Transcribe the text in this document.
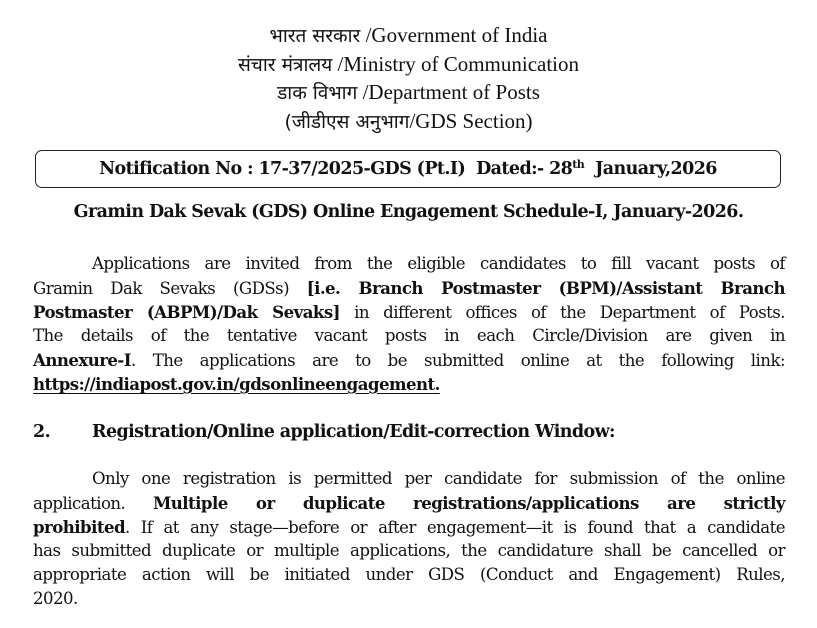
भारत सरकार /Government of India
संचार मंत्रालय /Ministry of Communication
डाक विभाग /Department of Posts
(जीडीएस अनुभाग/GDS Section)
Notification No : 17-37/2025-GDS (Pt.I)  Dated:- 28th  January,2026
Gramin Dak Sevak (GDS) Online Engagement Schedule-I, January-2026.
Applications are invited from the eligible candidates to fill vacant posts of
Gramin Dak Sevaks (GDSs) [i.e. Branch Postmaster (BPM)/Assistant Branch
Postmaster (ABPM)/Dak Sevaks] in different offices of the Department of Posts.
The details of the tentative vacant posts in each Circle/Division are given in
Annexure-I. The applications are to be submitted online at the following link:
https://indiapost.gov.in/gdsonlineengagement.
2. Registration/Online application/Edit-correction Window:
Only one registration is permitted per candidate for submission of the online
application. Multiple or duplicate registrations/applications are strictly
prohibited. If at any stage—before or after engagement—it is found that a candidate
has submitted duplicate or multiple applications, the candidature shall be cancelled or
appropriate action will be initiated under GDS (Conduct and Engagement) Rules,
2020.
